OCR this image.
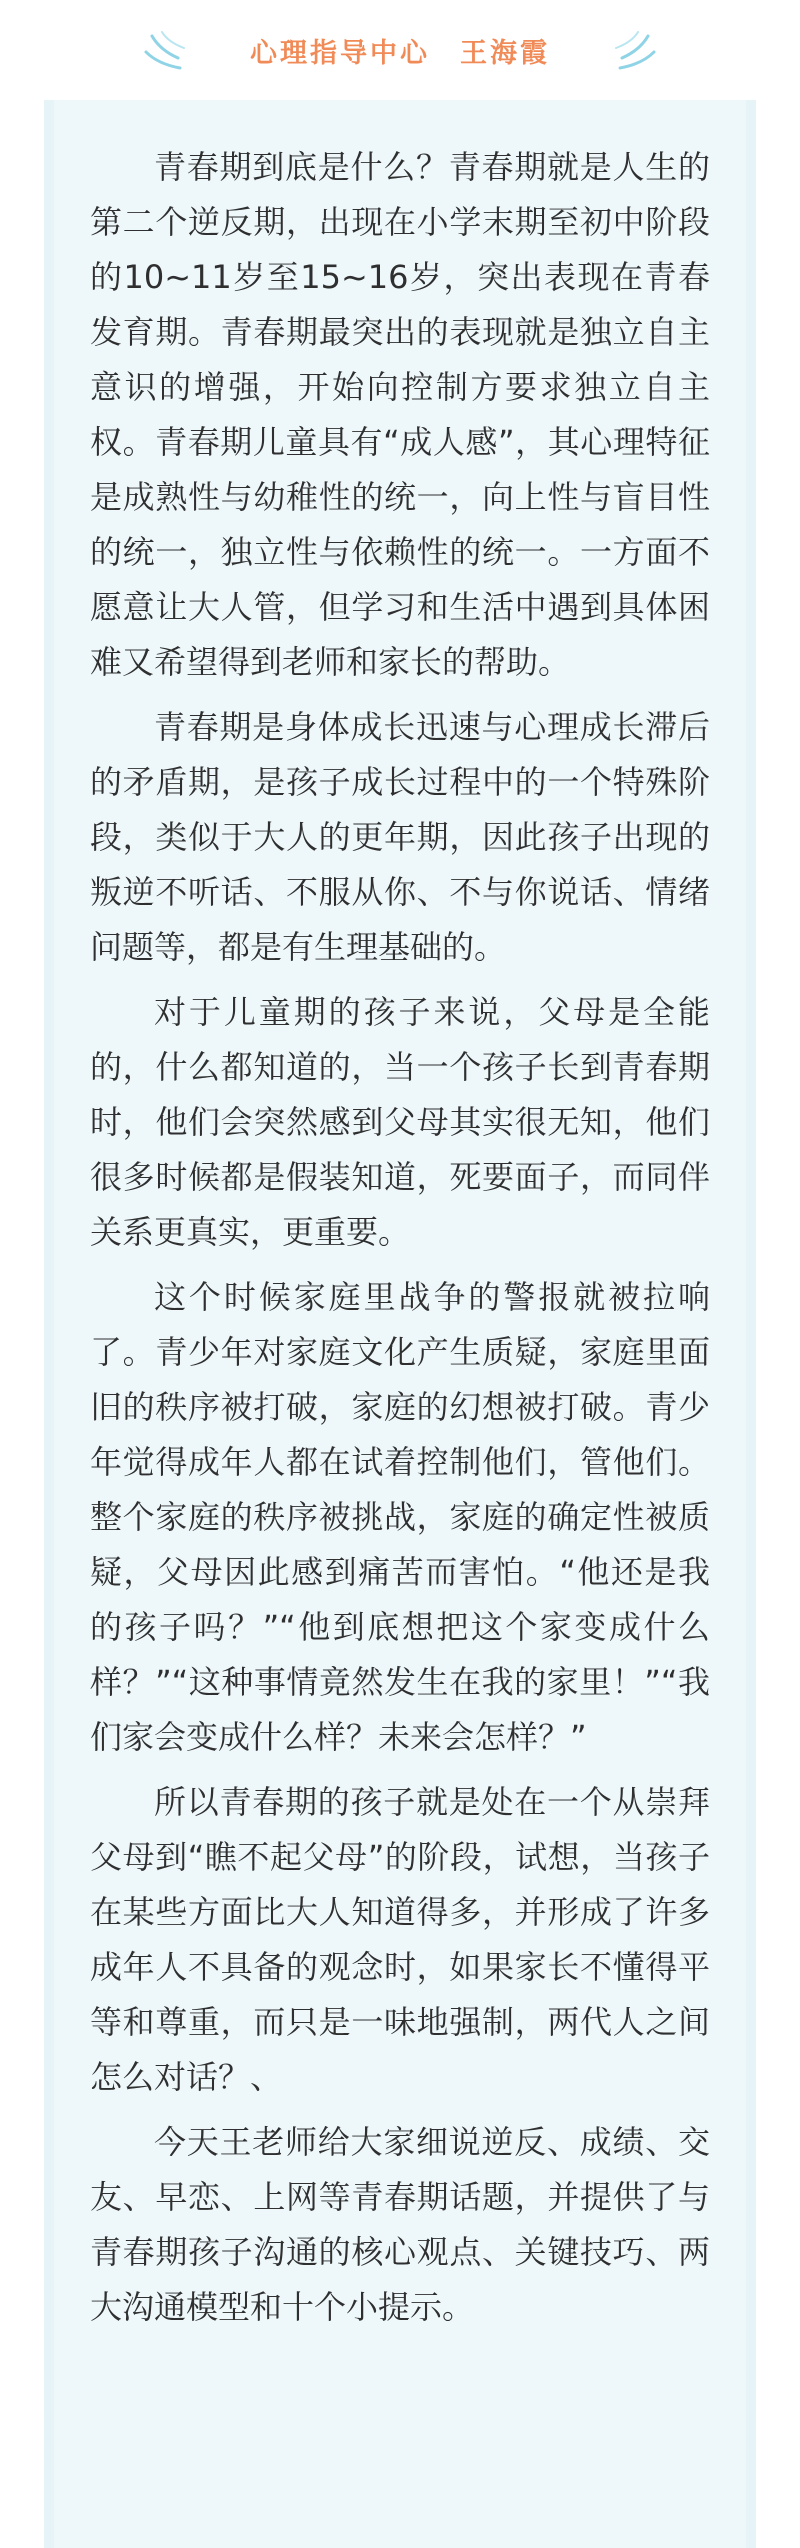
心理指导中心　王海霞

青春期到底是什么？青春期就是人生的第二个逆反期，出现在小学末期至初中阶段的10~11岁至15~16岁，突出表现在青春发育期。青春期最突出的表现就是独立自主意识的增强，开始向控制方要求独立自主权。青春期儿童具有“成人感”，其心理特征是成熟性与幼稚性的统一，向上性与盲目性的统一，独立性与依赖性的统一。一方面不愿意让大人管，但学习和生活中遇到具体困难又希望得到老师和家长的帮助。

青春期是身体成长迅速与心理成长滞后的矛盾期，是孩子成长过程中的一个特殊阶段，类似于大人的更年期，因此孩子出现的叛逆不听话、不服从你、不与你说话、情绪问题等，都是有生理基础的。

对于儿童期的孩子来说，父母是全能的，什么都知道的，当一个孩子长到青春期时，他们会突然感到父母其实很无知，他们很多时候都是假装知道，死要面子，而同伴关系更真实，更重要。

这个时候家庭里战争的警报就被拉响了。青少年对家庭文化产生质疑，家庭里面旧的秩序被打破，家庭的幻想被打破。青少年觉得成年人都在试着控制他们，管他们。整个家庭的秩序被挑战，家庭的确定性被质疑，父母因此感到痛苦而害怕。“他还是我的孩子吗？”“他到底想把这个家变成什么样？”“这种事情竟然发生在我的家里！”“我们家会变成什么样？未来会怎样？”

所以青春期的孩子就是处在一个从崇拜父母到“瞧不起父母”的阶段，试想，当孩子在某些方面比大人知道得多，并形成了许多成年人不具备的观念时，如果家长不懂得平等和尊重，而只是一味地强制，两代人之间怎么对话？、

今天王老师给大家细说逆反、成绩、交友、早恋、上网等青春期话题，并提供了与青春期孩子沟通的核心观点、关键技巧、两大沟通模型和十个小提示。
